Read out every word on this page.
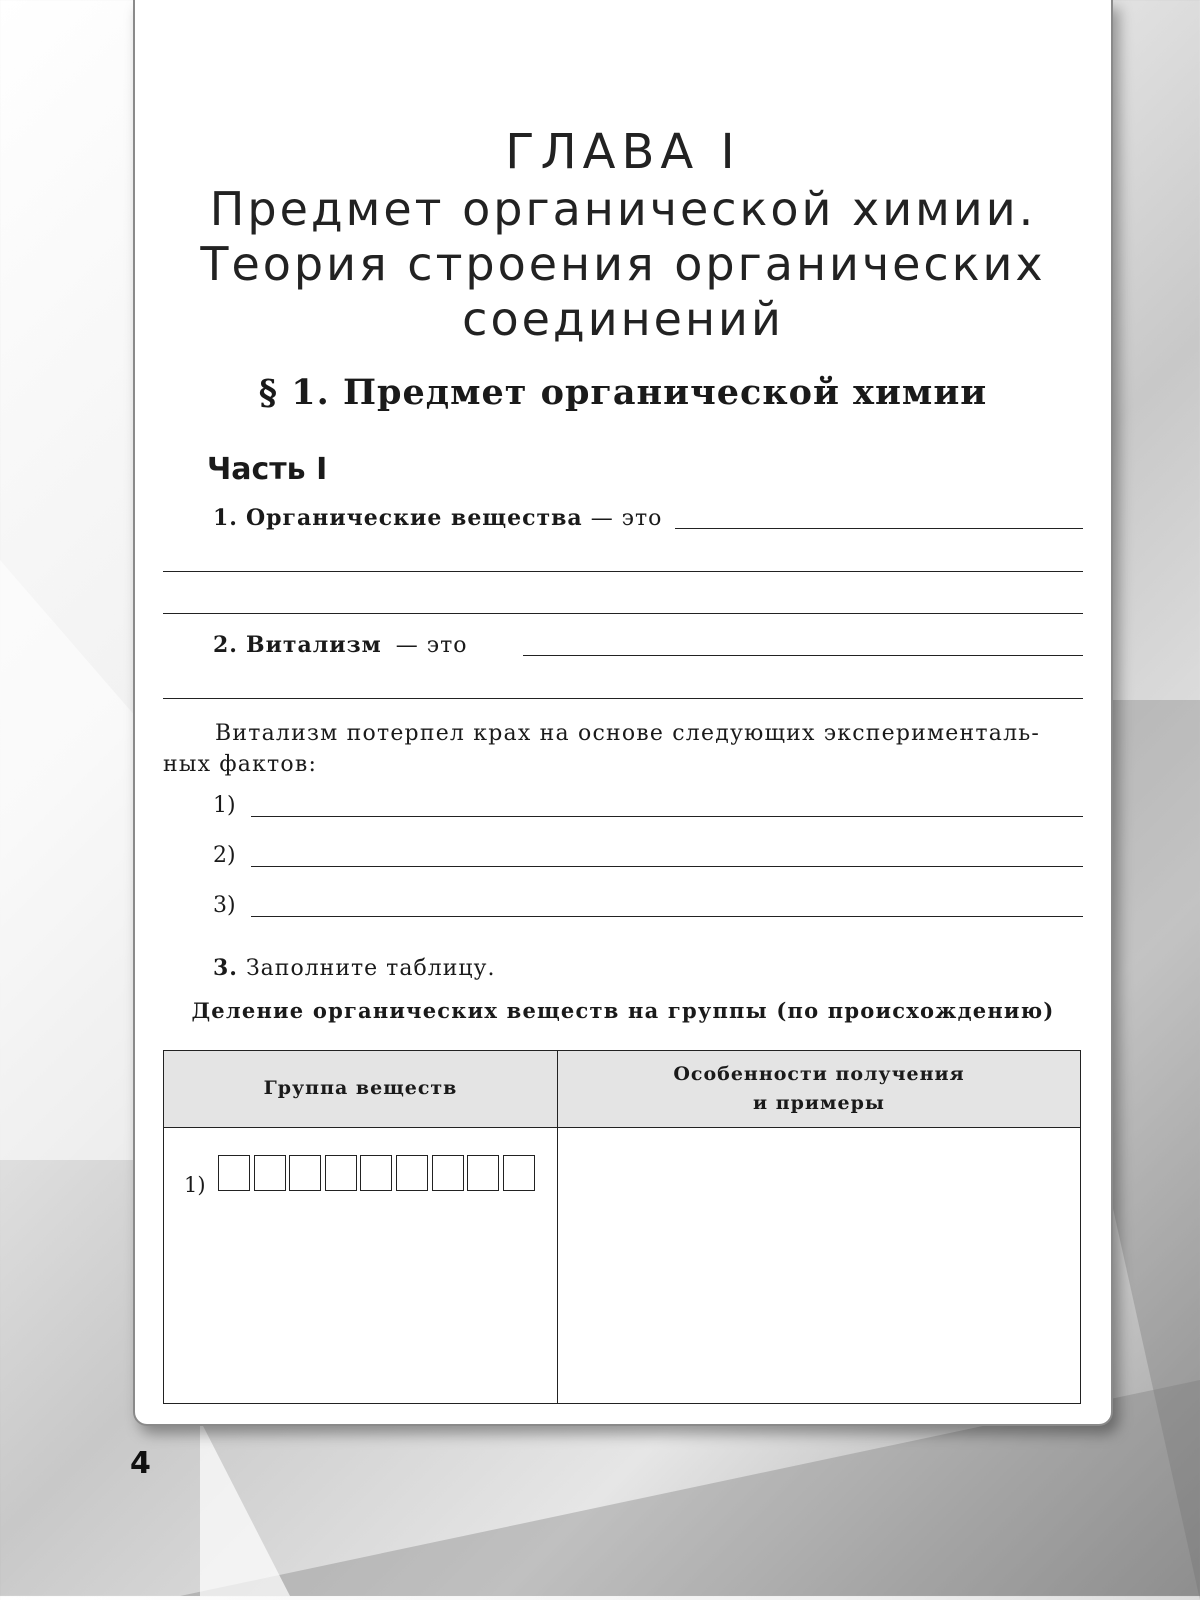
ГЛАВА I
Предмет органической химии.
Теория строения органических
соединений
§ 1. Предмет органической химии
Часть I
1. Органические вещества — это
2. Витализм — это
Витализм потерпел крах на основе следующих эксперименталь-
ных фактов:
1)
2)
3)
3. Заполните таблицу.
Деление органических веществ на группы (по происхождению)
Группа веществ
Особенности получения
и примеры
1)
4
